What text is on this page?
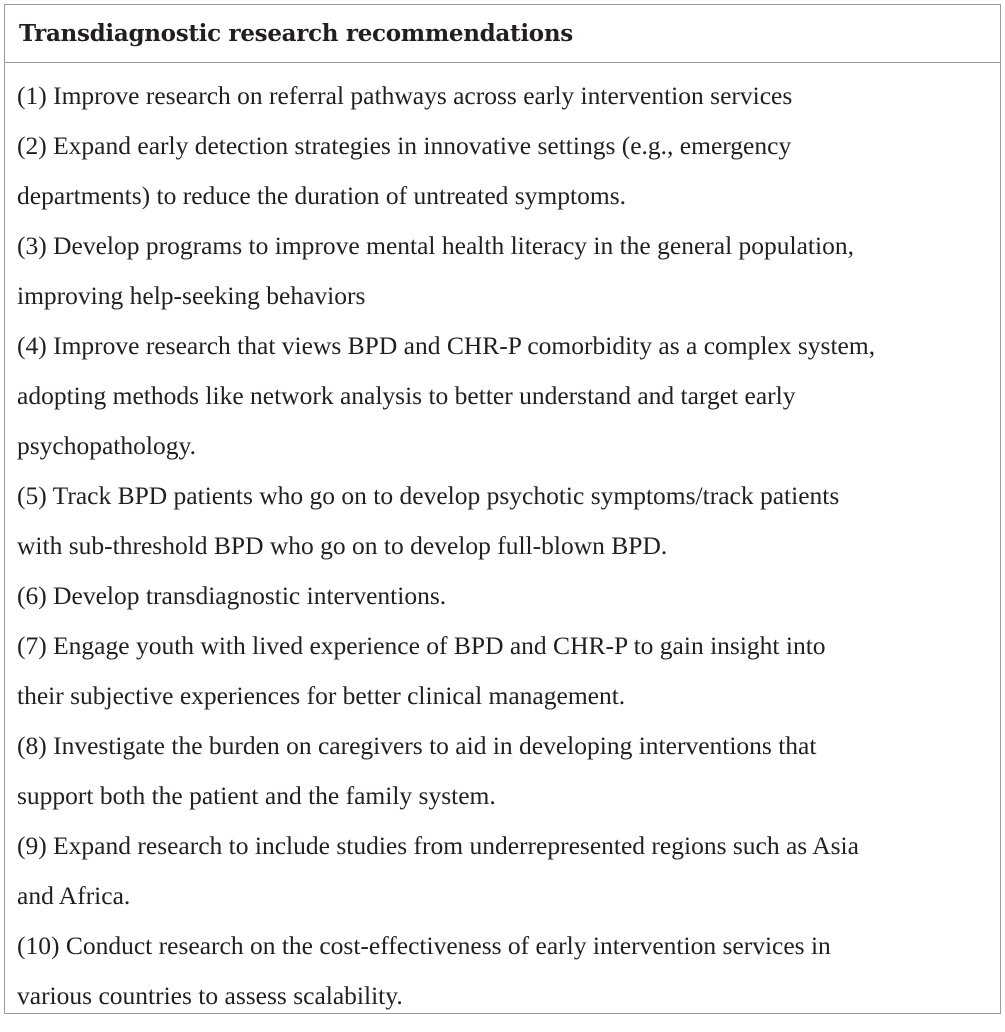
Transdiagnostic research recommendations

(1) Improve research on referral pathways across early intervention services

(2) Expand early detection strategies in innovative settings (e.g., emergency
departments) to reduce the duration of untreated symptoms.

(3) Develop programs to improve mental health literacy in the general population,
improving help-seeking behaviors

(4) Improve research that views BPD and CHR-P comorbidity as a complex system,
adopting methods like network analysis to better understand and target early
psychopathology.

(5) Track BPD patients who go on to develop psychotic symptoms/track patients
with sub-threshold BPD who go on to develop full-blown BPD.

(6) Develop transdiagnostic interventions.

(7) Engage youth with lived experience of BPD and CHR-P to gain insight into
their subjective experiences for better clinical management.

(8) Investigate the burden on caregivers to aid in developing interventions that
support both the patient and the family system.

(9) Expand research to include studies from underrepresented regions such as Asia
and Africa.

(10) Conduct research on the cost-effectiveness of early intervention services in
various countries to assess scalability.
